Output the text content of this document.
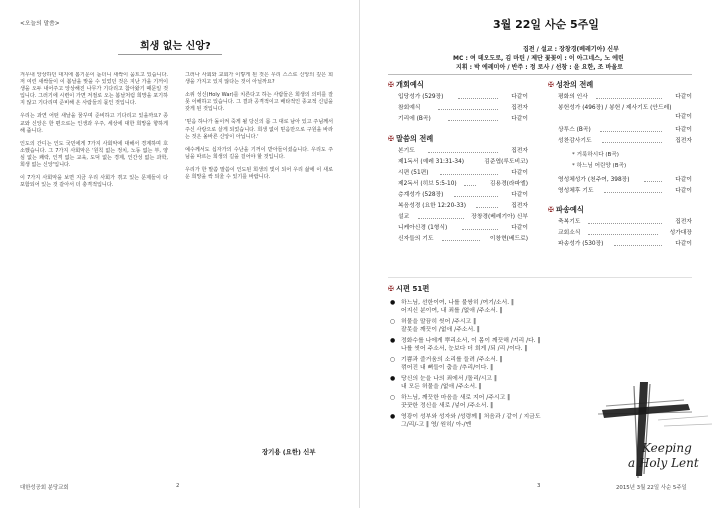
<오늘의 말씀>
희생 없는 신앙?

겨우내 앙상하던 대지에 봄기운이 돋더니 새싹이 움트고 있습니다. 저 여린 새싹들이 이 봄날을 맞을 수 있었던 것은 지난 가을 기꺼이 생을 오두 내어주고 앙상해진 나무가 기다리고 참아왔기 때문일 것입니다. 그러기에 시련이 가면 저절로 오는 봄날처럼 희망을 포기하지 않고 기다리며 준비해 온 사람들의 몫인 것입니다.

우리는 과연 어떤 새날을 꿈꾸며 준비하고 기다리고 있을까요? 종교와 신앙은 한 편으로는 인생과 우주, 세상에 대한 희망을 향하게 해 줍니다.

인도의 간디는 인도 국민에게 7가지 사회악에 대해서 경계하며 호소했습니다. 그 7가지 사회악은 '원칙 없는 정치, 노동 없는 부, 양심 없는 쾌락, 인격 없는 교육, 도덕 없는 경제, 인간성 없는 과학, 희생 없는 신앙'입니다.

이 7가지 사회악을 보면 지금 우리 사회가 겪고 있는 문제들이 다 포함되어 있는 것 같아서 더 충격적입니다.

그러나 사회와 교회가 이렇게 된 것은 우리 스스로 신앙의 깊은 희생을 가지고 있지 않다는 것이 아닐까요?

소위 성신(Holy War)를 치른다고 하는 사람들은 희생의 의미를 잘못 이해하고 있습니다. 그 결과 공격적이고 배타적인 종교적 신념을 갖게 된 것입니다.

'믿음 하나가 돌이켜 죽게 될 당신의 몸 그 대로 남아 있고 주님께서 주신 사랑으로 살게 되었습니다. 희생 없이 믿음만으로 구원을 바라는 것은 올바른 신앙이 아닙니다.'

예수께서도 십자가의 수난을 기꺼이 받아들이셨습니다. 우리도 주님을 따르는 희생의 길을 걸어야 할 것입니다.

우리가 한 말씀 말씀이 인도된 희생의 빛이 되어 우리 삶에 이 새로운 희망을 싹 틔울 수 있기를 바랍니다.

장기용 (요한) 신부
대한성공회 분당교회	2
3월 22일 사순 5주일
집전 / 설교 : 장창경(베레기아) 신부
MC : 여 데오도로, 김 마틴 / 제단 꽃꽂이 : 이 아그네스, 노 에린
지휘 : 박 에레미아 / 반주 : 정 로사 / 선창 : 윤 요한, 조 바울로
✠ 개회예식
입당성가 (529장)	다같이
참회예식	집전자
기리에 (B곡)	다같이
✠ 말씀의 전례
본기도	집전자
제1독서 (예레 31:31-34)	김준엽(루도비코)
시편 (51편)	다같이
제2독서 (히브 5:5-10)	김용경(라파엘)
층계성가 (528장)	다같이
복음성경 (요한 12:20-33)	집전자
설교	장창경(베레기아) 신부
니케아신경 (1형식)	다같이
신자들의 기도	이창현(베드로)
✠ 성찬의 전례
평화의 인사	다같이
봉헌성가 (496장) / 봉헌 / 제사기도 (안드레)
다같이
상투스 (B곡)	다같이
성찬감사기도	집전자
* 거룩하시다 (B곡)
* 하느님 어린양 (B곡)
영성체성가 (천주여, 398장)	다같이
영성체후 기도	다같이
✠ 파송예식
축복기도	집전자
교회소식	성가대장
파송성가 (530장)	다같이
✠ 시편 51편
● 하느님, 선한이여, 나를 불쌍히 /여기/소서. ‖
어지신 분이여, 내 죄를 /없애 /주소서. ‖
○ 허물을 말끔히 씻어 /주시고 ‖
잘못을 깨끗이 /없애 /주소서. ‖
● 정화수를 나에게 뿌리소서, 이 몸이 깨끗해 /지리 /다. ‖
나를 씻어 주소서, 눈보다 더 희게 /되 /리 /이다. ‖
○ 기쁨과 즐거움의 소리를 들려 /주소서. ‖
꺾어진 내 뼈들이 춤을 /추리/이다. ‖
● 당신의 눈을 나의 죄에서 /돌리/시고 ‖
내 모든 허물을 /없애 /주소서. ‖
○ 하느님, 깨끗한 마음을 새로 지어 /주시고 ‖
꿋꿋한 정신을 새로 /넣어 /주소서. ‖
● 영광이 성부와 성자와 /성령께 ‖ 처음과 / 같이 / 지금도
그/리/-고 ‖ 영/ 원히/ 아-/멘
Keeping
a Holy Lent
3	2015년 3월 22일 사순 5주일
